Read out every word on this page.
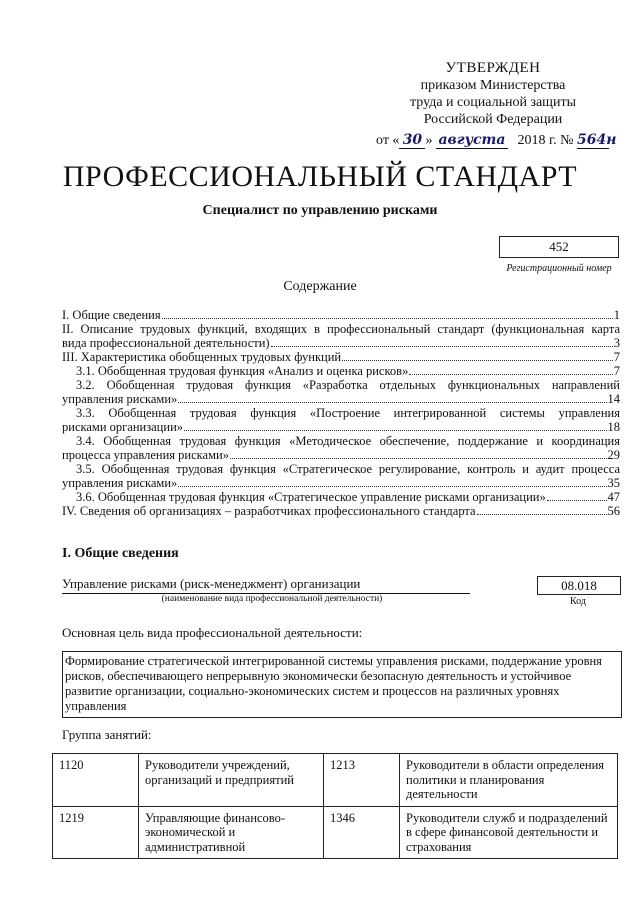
УТВЕРЖДЕН
приказом Министерства
труда и социальной защиты
Российской Федерации
от « 30 » августа 2018 г. № 564н
ПРОФЕССИОНАЛЬНЫЙ СТАНДАРТ
Специалист по управлению рисками
452
Регистрационный номер
Содержание
I. Общие сведения	1
II. Описание трудовых функций, входящих в профессиональный стандарт (функциональная карта
вида профессиональной деятельности)	3
III. Характеристика обобщенных трудовых функций	7
3.1. Обобщенная трудовая функция «Анализ и оценка рисков»	7
3.2. Обобщенная трудовая функция «Разработка отдельных функциональных направлений
управления рисками»	14
3.3. Обобщенная трудовая функция «Построение интегрированной системы управления
рисками организации»	18
3.4. Обобщенная трудовая функция «Методическое обеспечение, поддержание и координация
процесса управления рисками»	29
3.5. Обобщенная трудовая функция «Стратегическое регулирование, контроль и аудит процесса
управления рисками»	35
3.6. Обобщенная трудовая функция «Стратегическое управление рисками организации»	47
IV. Сведения об организациях – разработчиках профессионального стандарта	56
I. Общие сведения
Управление рисками (риск-менеджмент) организации
(наименование вида профессиональной деятельности)
08.018
Код
Основная цель вида профессиональной деятельности:
Формирование стратегической интегрированной системы управления рисками, поддержание уровня рисков, обеспечивающего непрерывную экономически безопасную деятельность и устойчивое развитие организации, социально-экономических систем и процессов на различных уровнях управления
Группа занятий:
1120	Руководители учреждений, организаций и предприятий	1213	Руководители в области определения политики и планирования деятельности
1219	Управляющие финансово-экономической и административной	1346	Руководители служб и подразделений в сфере финансовой деятельности и страхования
